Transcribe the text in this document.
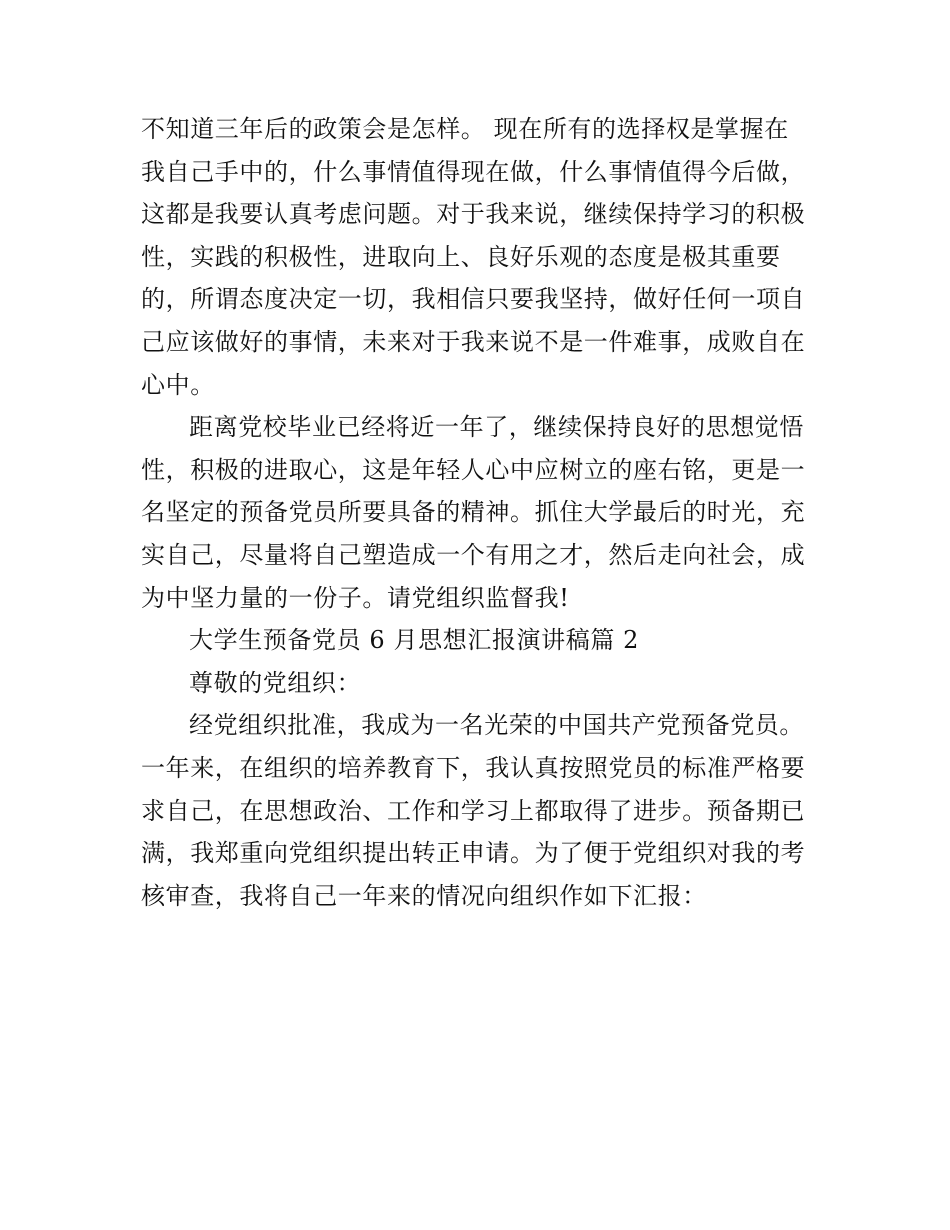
不知道三年后的政策会是怎样。 现在所有的选择权是掌握在
我自己手中的，什么事情值得现在做，什么事情值得今后做，
这都是我要认真考虑问题。对于我来说，继续保持学习的积极
性，实践的积极性，进取向上、良好乐观的态度是极其重要
的，所谓态度决定一切，我相信只要我坚持，做好任何一项自
己应该做好的事情，未来对于我来说不是一件难事，成败自在
心中。
距离党校毕业已经将近一年了，继续保持良好的思想觉悟
性，积极的进取心，这是年轻人心中应树立的座右铭，更是一
名坚定的预备党员所要具备的精神。抓住大学最后的时光，充
实自己，尽量将自己塑造成一个有用之才，然后走向社会，成
为中坚力量的一份子。请党组织监督我!
大学生预备党员 6 月思想汇报演讲稿篇 2
尊敬的党组织：
经党组织批准，我成为一名光荣的中国共产党预备党员。
一年来，在组织的培养教育下，我认真按照党员的标准严格要
求自己，在思想政治、工作和学习上都取得了进步。预备期已
满，我郑重向党组织提出转正申请。为了便于党组织对我的考
核审查，我将自己一年来的情况向组织作如下汇报：
